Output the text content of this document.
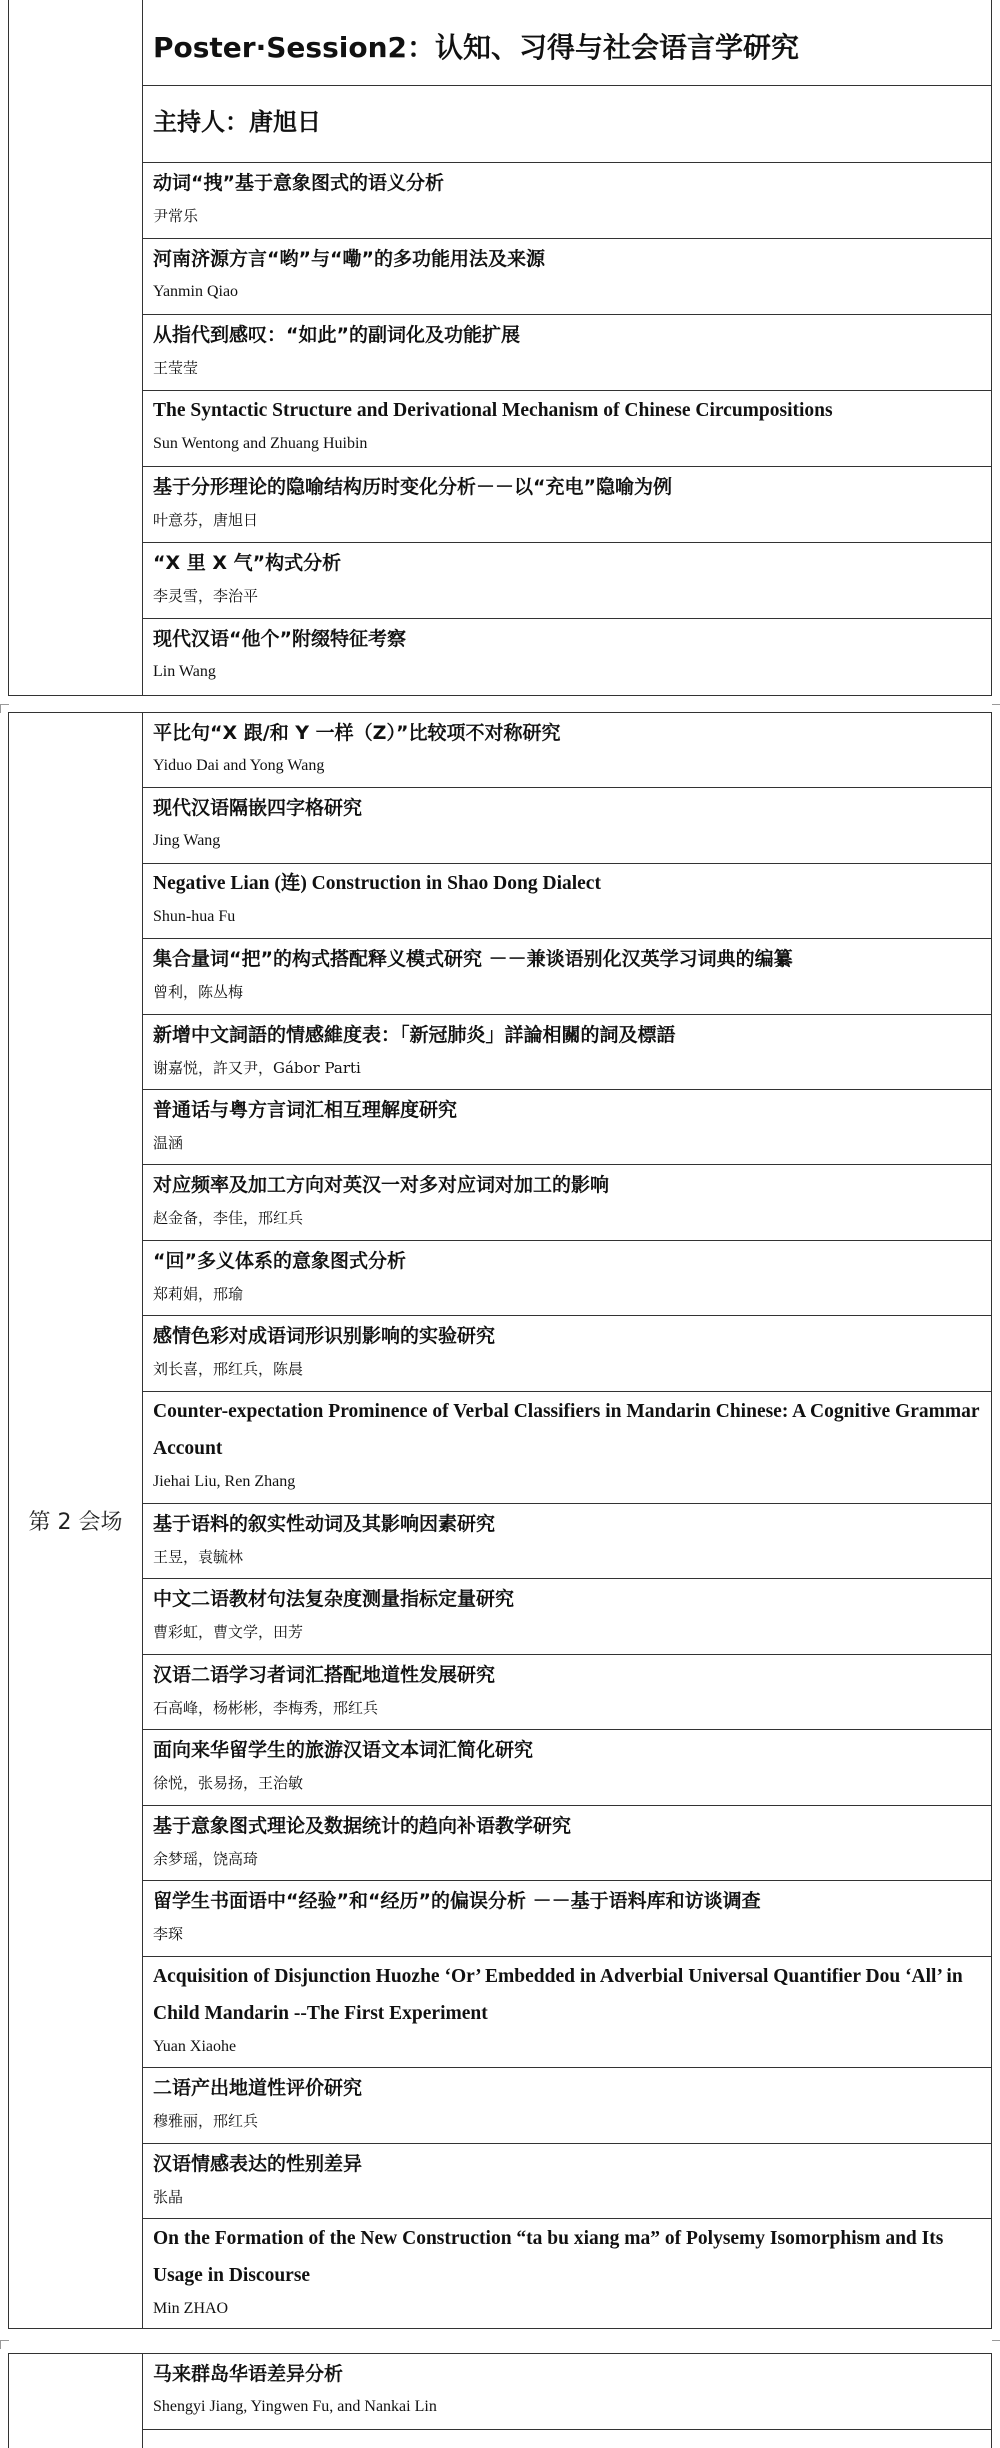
Poster·Session2：认知、习得与社会语言学研究
主持人：唐旭日
动词“拽”基于意象图式的语义分析
尹常乐
河南济源方言“哟”与“嘞”的多功能用法及来源
Yanmin Qiao
从指代到感叹：“如此”的副词化及功能扩展
王莹莹
The Syntactic Structure and Derivational Mechanism of Chinese Circumpositions
Sun Wentong and Zhuang Huibin
基于分形理论的隐喻结构历时变化分析－－以“充电”隐喻为例
叶意芬，唐旭日
“X 里 X 气”构式分析
李灵雪，李治平
现代汉语“他个”附缀特征考察
Lin Wang
第 2 会场
平比句“X 跟/和 Y 一样（Z）”比较项不对称研究
Yiduo Dai and Yong Wang
现代汉语隔嵌四字格研究
Jing Wang
Negative Lian (连) Construction in Shao Dong Dialect
Shun-hua Fu
集合量词“把”的构式搭配释义模式研究 －－兼谈语别化汉英学习词典的编纂
曾利，陈丛梅
新增中文詞語的情感維度表：「新冠肺炎」詳論相關的詞及標語
谢嘉悦，許又尹，Gábor Parti
普通话与粤方言词汇相互理解度研究
温涵
对应频率及加工方向对英汉一对多对应词对加工的影响
赵金备，李佳，邢红兵
“回”多义体系的意象图式分析
郑莉娟，邢瑜
感情色彩对成语词形识别影响的实验研究
刘长喜，邢红兵，陈晨
Counter-expectation Prominence of Verbal Classifiers in Mandarin Chinese: A Cognitive Grammar Account
Jiehai Liu, Ren Zhang
基于语料的叙实性动词及其影响因素研究
王昱，袁毓林
中文二语教材句法复杂度测量指标定量研究
曹彩虹，曹文学，田芳
汉语二语学习者词汇搭配地道性发展研究
石高峰，杨彬彬，李梅秀，邢红兵
面向来华留学生的旅游汉语文本词汇简化研究
徐悦，张易扬，王治敏
基于意象图式理论及数据统计的趋向补语教学研究
余梦瑶，饶高琦
留学生书面语中“经验”和“经历”的偏误分析 －－基于语料库和访谈调查
李琛
Acquisition of Disjunction Huozhe ‘Or’ Embedded in Adverbial Universal Quantifier Dou ‘All’ in Child Mandarin --The First Experiment
Yuan Xiaohe
二语产出地道性评价研究
穆雅丽，邢红兵
汉语情感表达的性别差异
张晶
On the Formation of the New Construction “ta bu xiang ma” of Polysemy Isomorphism and Its Usage in Discourse
Min ZHAO
马来群岛华语差异分析
Shengyi Jiang, Yingwen Fu, and Nankai Lin
